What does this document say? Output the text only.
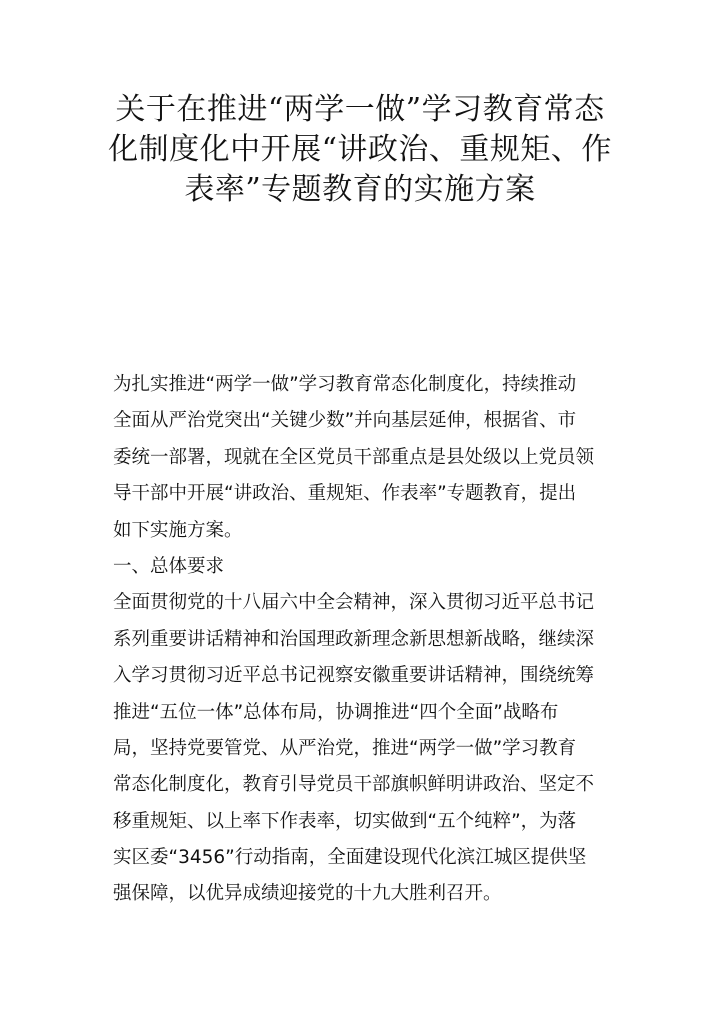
关于在推进“两学一做”学习教育常态
化制度化中开展“讲政治、重规矩、作
表率”专题教育的实施方案
为扎实推进“两学一做”学习教育常态化制度化，持续推动
全面从严治党突出“关键少数”并向基层延伸，根据省、市
委统一部署，现就在全区党员干部重点是县处级以上党员领
导干部中开展“讲政治、重规矩、作表率”专题教育，提出
如下实施方案。
一、总体要求
全面贯彻党的十八届六中全会精神，深入贯彻习近平总书记
系列重要讲话精神和治国理政新理念新思想新战略，继续深
入学习贯彻习近平总书记视察安徽重要讲话精神，围绕统筹
推进“五位一体”总体布局，协调推进“四个全面”战略布
局，坚持党要管党、从严治党，推进“两学一做”学习教育
常态化制度化，教育引导党员干部旗帜鲜明讲政治、坚定不
移重规矩、以上率下作表率，切实做到“五个纯粹”，为落
实区委“3456”行动指南，全面建设现代化滨江城区提供坚
强保障，以优异成绩迎接党的十九大胜利召开。
